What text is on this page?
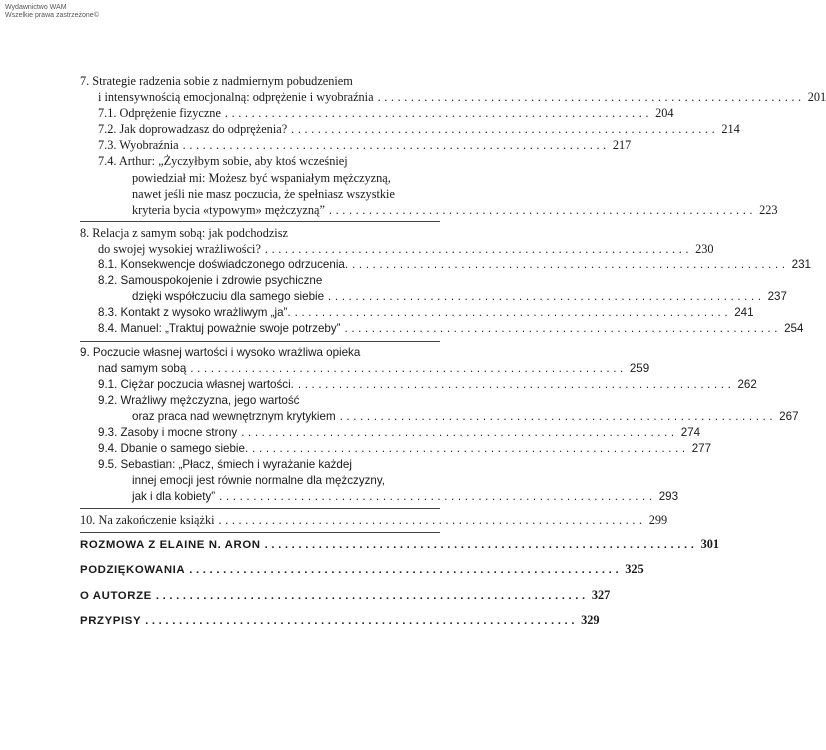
Wydawnictwo WAM
Wszelkie prawa zastrzeżone©
7. Strategie radzenia sobie z nadmiernym pobudzeniem
i intensywnością emocjonalną: odprężenie i wyobraźnia ................................................................ 201
7.1. Odprężenie fizyczne ................................................................ 204
7.2. Jak doprowadzasz do odprężenia? ................................................................ 214
7.3. Wyobraźnia ................................................................ 217
7.4. Arthur: „Życzyłbym sobie, aby ktoś wcześniej
powiedział mi: Możesz być wspaniałym mężczyzną,
nawet jeśli nie masz poczucia, że spełniasz wszystkie
kryteria bycia «typowym» mężczyzną” ................................................................ 223
8. Relacja z samym sobą: jak podchodzisz
do swojej wysokiej wrażliwości? ................................................................ 230
8.1. Konsekwencje doświadczonego odrzucenia. ................................................................ 231
8.2. Samouspokojenie i zdrowie psychiczne
dzięki współczuciu dla samego siebie ................................................................ 237
8.3. Kontakt z wysoko wrażliwym „ja”. ................................................................ 241
8.4. Manuel: „Traktuj poważnie swoje potrzeby” ................................................................ 254
9. Poczucie własnej wartości i wysoko wrażliwa opieka
nad samym sobą ................................................................ 259
9.1. Ciężar poczucia własnej wartości. ................................................................ 262
9.2. Wrażliwy mężczyzna, jego wartość
oraz praca nad wewnętrznym krytykiem ................................................................ 267
9.3. Zasoby i mocne strony ................................................................ 274
9.4. Dbanie o samego siebie. ................................................................ 277
9.5. Sebastian: „Płacz, śmiech i wyrażanie każdej
innej emocji jest równie normalne dla mężczyzny,
jak i dla kobiety” ................................................................ 293
10. Na zakończenie książki ................................................................ 299
ROZMOWA Z ELAINE N. ARON ................................................................ 301
PODZIĘKOWANIA ................................................................ 325
O AUTORZE ................................................................ 327
PRZYPISY ................................................................ 329
